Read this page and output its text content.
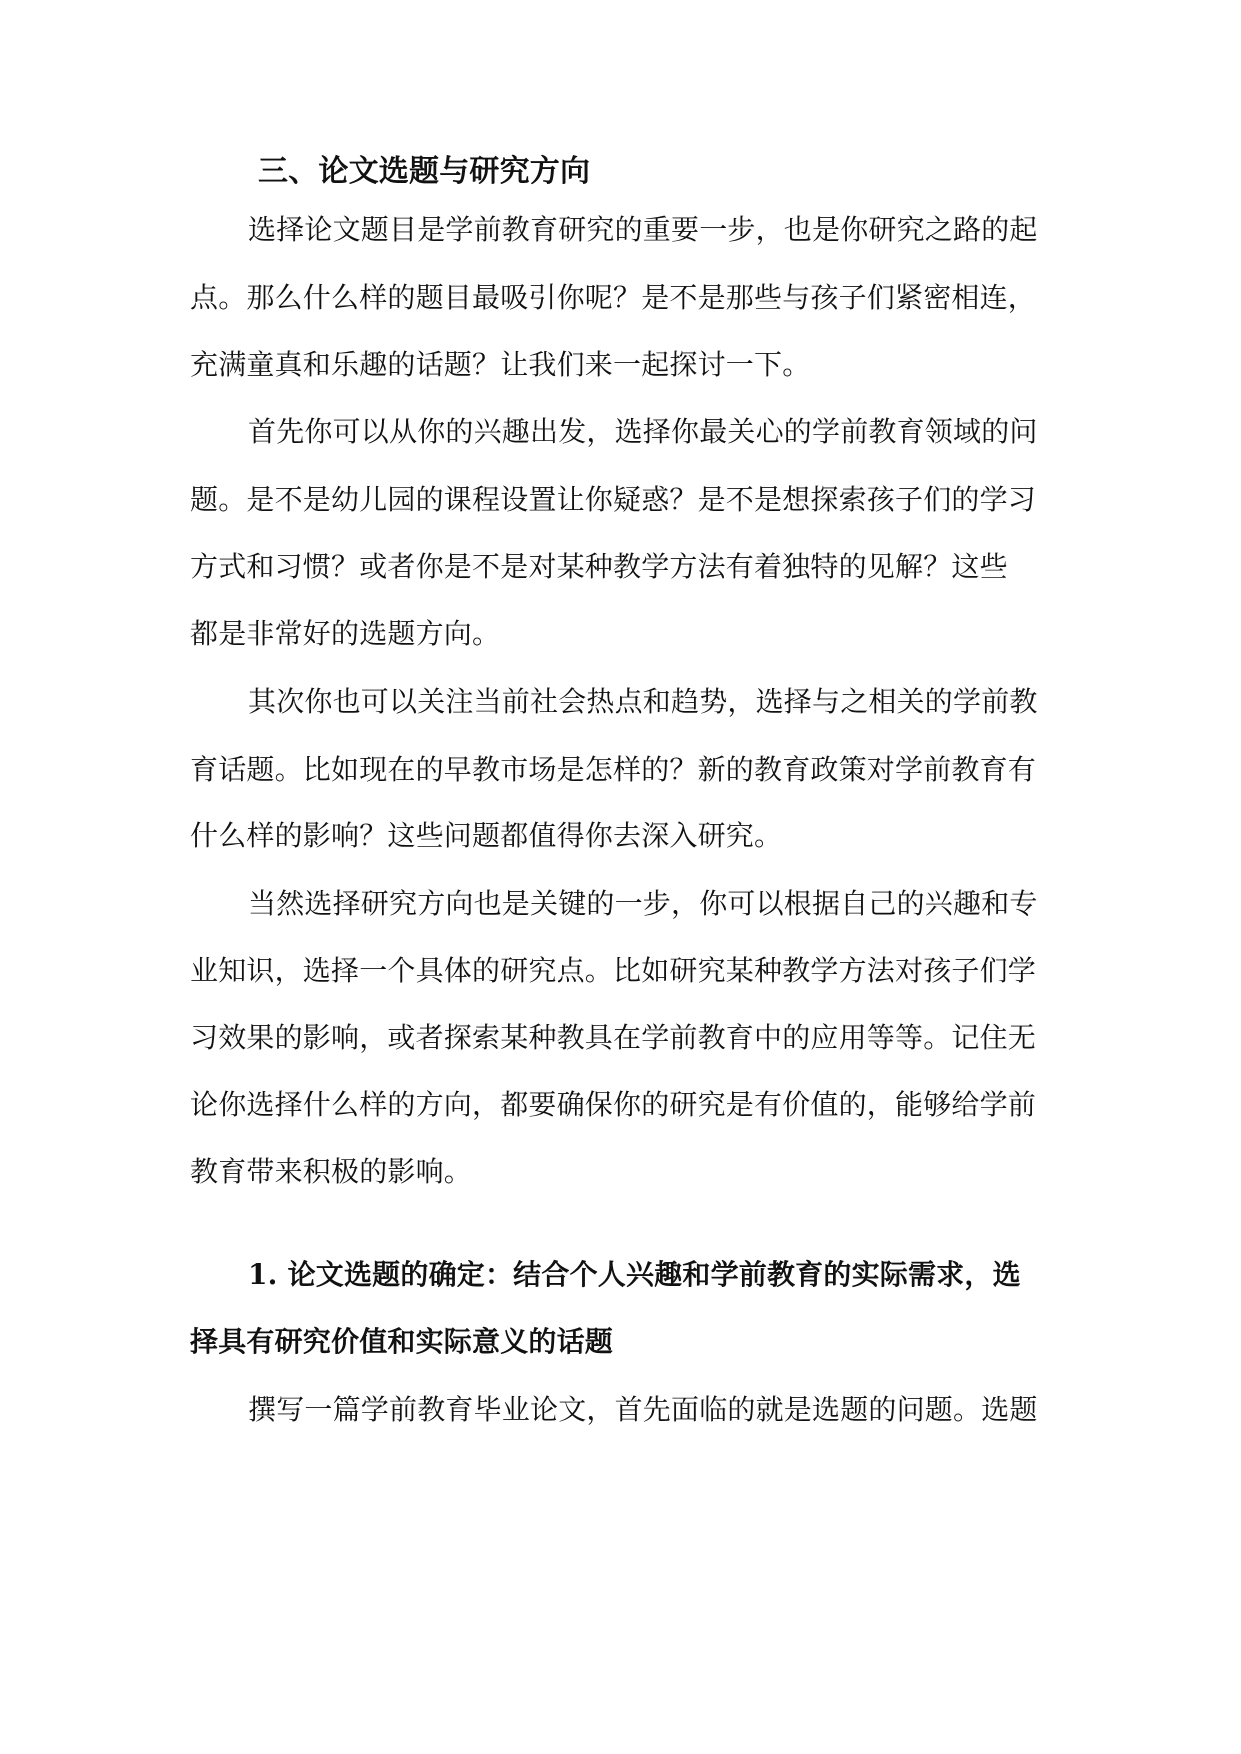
三、论文选题与研究方向
选择论文题目是学前教育研究的重要一步，也是你研究之路的起
点。那么什么样的题目最吸引你呢？是不是那些与孩子们紧密相连，
充满童真和乐趣的话题？让我们来一起探讨一下。
首先你可以从你的兴趣出发，选择你最关心的学前教育领域的问
题。是不是幼儿园的课程设置让你疑惑？是不是想探索孩子们的学习
方式和习惯？或者你是不是对某种教学方法有着独特的见解？这些
都是非常好的选题方向。
其次你也可以关注当前社会热点和趋势，选择与之相关的学前教
育话题。比如现在的早教市场是怎样的？新的教育政策对学前教育有
什么样的影响？这些问题都值得你去深入研究。
当然选择研究方向也是关键的一步，你可以根据自己的兴趣和专
业知识，选择一个具体的研究点。比如研究某种教学方法对孩子们学
习效果的影响，或者探索某种教具在学前教育中的应用等等。记住无
论你选择什么样的方向，都要确保你的研究是有价值的，能够给学前
教育带来积极的影响。
1. 论文选题的确定：结合个人兴趣和学前教育的实际需求，选
择具有研究价值和实际意义的话题
撰写一篇学前教育毕业论文，首先面临的就是选题的问题。选题
